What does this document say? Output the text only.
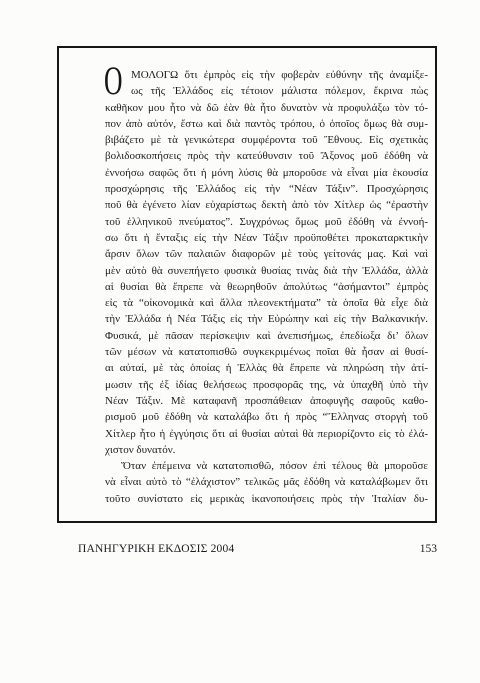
Ο ΜΟΛΟΓΩ ὅτι ἐμπρὸς εἰς τὴν φοβερὰν εὐθύνην τῆς ἀναμίξε-
ως τῆς Ἑλλάδος εἰς τέτοιον μάλιστα πόλεμον, ἔκρινα πὼς
καθῆκον μου ἦτο νὰ δῶ ἐὰν θὰ ἦτο δυνατὸν νὰ προφυλάξω τὸν τό-
πον ἀπὸ αὐτόν, ἔστω καὶ διὰ παντὸς τρόπου, ὁ ὁποῖος ὅμως θὰ συμ-
βιβάζετο μὲ τὰ γενικώτερα συμφέροντα τοῦ Ἔθνους. Εἰς σχετικὰς
βολιδοσκοπήσεις πρὸς τὴν κατεύθυνσιν τοῦ Ἄξονος μοῦ ἐδόθη νὰ
ἐννοήσω σαφῶς ὅτι ἡ μόνη λύσις θὰ μποροῦσε νὰ εἶναι μία ἑκουσία
προσχώρησις τῆς Ἑλλάδος εἰς τὴν “Νέαν Τάξιν”. Προσχώρησις
ποῦ θὰ ἐγένετο λίαν εὐχαρίστως δεκτὴ ἀπὸ τὸν Χίτλερ ὡς “ἐραστὴν
τοῦ ἑλληνικοῦ πνεύματος”. Συγχρόνως ὅμως μοῦ ἐδόθη νὰ ἐννοή-
σω ὅτι ἡ ἔνταξις εἰς τὴν Νέαν Τάξιν προϋποθέτει προκαταρκτικὴν
ἄρσιν ὅλων τῶν παλαιῶν διαφορῶν μὲ τοὺς γείτονάς μας. Καὶ ναὶ
μὲν αὐτὸ θὰ συνεπήγετο φυσικὰ θυσίας τινὰς διὰ τὴν Ἑλλάδα, ἀλλὰ
αἱ θυσίαι θὰ ἔπρεπε νὰ θεωρηθοῦν ἀπολύτως “ἀσήμαντοι” ἐμπρὸς
εἰς τὰ “οἰκονομικὰ καὶ ἄλλα πλεονεκτήματα” τὰ ὁποῖα θὰ εἶχε διὰ
τὴν Ἑλλάδα ἡ Νέα Τάξις εἰς τὴν Εὐρώπην καὶ εἰς τὴν Βαλκανικήν.
Φυσικά, μὲ πᾶσαν περίσκεψιν καὶ ἀνεπισήμως, ἐπεδίωξα δι’ ὅλων
τῶν μέσων νὰ κατατοπισθῶ συγκεκριμένως ποῖαι θὰ ἦσαν αἱ θυσί-
αι αὐταί, μὲ τὰς ὁποίας ἡ Ἑλλὰς θὰ ἔπρεπε νὰ πληρώση τὴν ἀτί-
μωσιν τῆς ἐξ ἰδίας θελήσεως προσφορᾶς της, νὰ ὑπαχθῆ ὑπὸ τὴν
Νέαν Τάξιν. Μὲ καταφανῆ προσπάθειαν ἀποφυγῆς σαφοῦς καθο-
ρισμοῦ μοῦ ἐδόθη νὰ καταλάβω ὅτι ἡ πρὸς “Ἕλληνας στοργὴ τοῦ
Χίτλερ ἦτο ἡ ἐγγύησις ὅτι αἱ θυσίαι αὐταὶ θὰ περιορίζοντο εἰς τὸ ἐλά-
χιστον δυνατόν.
Ὅταν ἐπέμεινα νὰ κατατοπισθῶ, πόσον ἐπὶ τέλους θὰ μποροῦσε
νὰ εἶναι αὐτὸ τὸ “ἐλάχιστον” τελικῶς μᾶς ἐδόθη νὰ καταλάβωμεν ὅτι
τοῦτο συνίστατο εἰς μερικὰς ἱκανοποιήσεις πρὸς τὴν Ἰταλίαν δυ-
ΠΑΝΗΓΥΡΙΚΗ ΕΚΔΟΣΙΣ 2004	153
